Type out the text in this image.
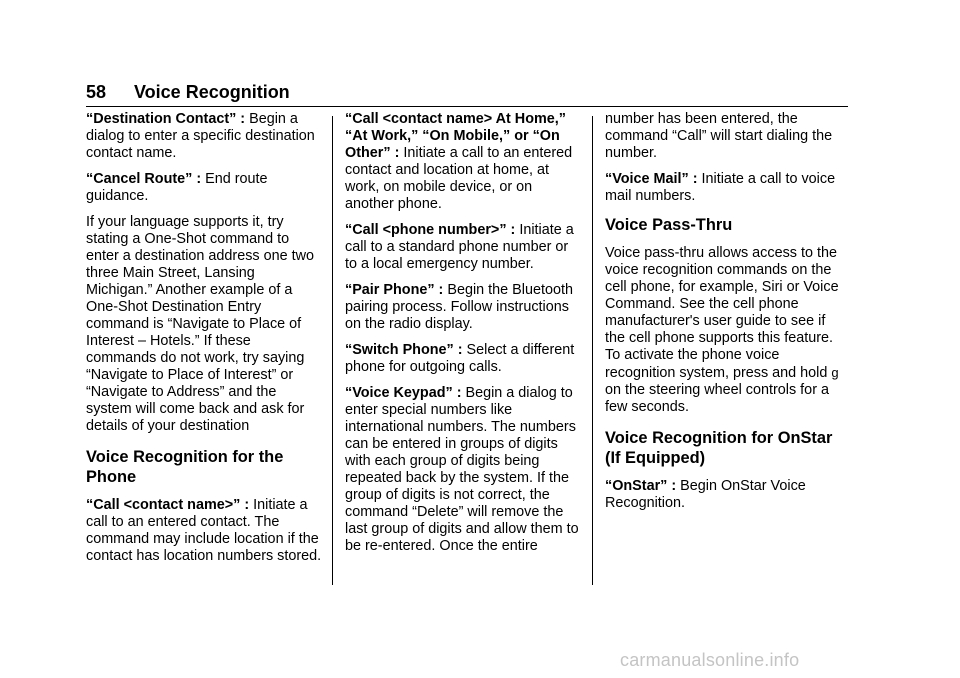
58 Voice Recognition

“Destination Contact” : Begin a dialog to enter a specific destination contact name.

“Cancel Route” : End route guidance.

If your language supports it, try stating a One-Shot command to enter a destination address one two three Main Street, Lansing Michigan.” Another example of a One-Shot Destination Entry command is “Navigate to Place of Interest – Hotels.” If these commands do not work, try saying “Navigate to Place of Interest” or “Navigate to Address” and the system will come back and ask for details of your destination

Voice Recognition for the Phone

“Call <contact name>” : Initiate a call to an entered contact. The command may include location if the contact has location numbers stored.

“Call <contact name> At Home,” “At Work,” “On Mobile,” or “On Other” : Initiate a call to an entered contact and location at home, at work, on mobile device, or on another phone.

“Call <phone number>” : Initiate a call to a standard phone number or to a local emergency number.

“Pair Phone” : Begin the Bluetooth pairing process. Follow instructions on the radio display.

“Switch Phone” : Select a different phone for outgoing calls.

“Voice Keypad” : Begin a dialog to enter special numbers like international numbers. The numbers can be entered in groups of digits with each group of digits being repeated back by the system. If the group of digits is not correct, the command “Delete” will remove the last group of digits and allow them to be re-entered. Once the entire

number has been entered, the command “Call” will start dialing the number.

“Voice Mail” : Initiate a call to voice mail numbers.

Voice Pass-Thru

Voice pass-thru allows access to the voice recognition commands on the cell phone, for example, Siri or Voice Command. See the cell phone manufacturer's user guide to see if the cell phone supports this feature. To activate the phone voice recognition system, press and hold g on the steering wheel controls for a few seconds.

Voice Recognition for OnStar (If Equipped)

“OnStar” : Begin OnStar Voice Recognition.

carmanualsonline.info
